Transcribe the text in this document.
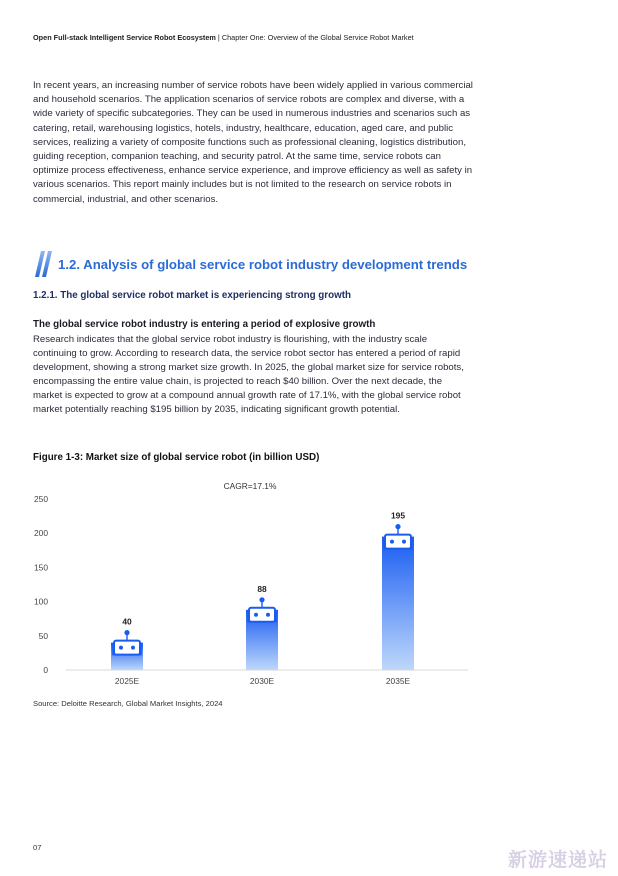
Open Full-stack Intelligent Service Robot Ecosystem | Chapter One: Overview of the Global Service Robot Market

In recent years, an increasing number of service robots have been widely applied in various commercial and household scenarios. The application scenarios of service robots are complex and diverse, with a wide variety of specific subcategories. They can be used in numerous industries and scenarios such as catering, retail, warehousing logistics, hotels, industry, healthcare, education, aged care, and public services, realizing a variety of composite functions such as professional cleaning, logistics distribution, guiding reception, companion teaching, and security patrol. At the same time, service robots can optimize process effectiveness, enhance service experience, and improve efficiency as well as safety in various scenarios. This report mainly includes but is not limited to the research on service robots in commercial, industrial, and other scenarios.

1.2. Analysis of global service robot industry development trends
1.2.1. The global service robot market is experiencing strong growth
The global service robot industry is entering a period of explosive growth

Research indicates that the global service robot industry is flourishing, with the industry scale continuing to grow. According to research data, the service robot sector has entered a period of rapid development, showing a strong market size growth. In 2025, the global market size for service robots, encompassing the entire value chain, is projected to reach $40 billion. Over the next decade, the market is expected to grow at a compound annual growth rate of 17.1%, with the global service robot market potentially reaching $195 billion by 2035, indicating significant growth potential.

Figure 1-3: Market size of global service robot (in billion USD)
CAGR=17.1%
0
50
100
150
200
250
40
2025E
88
2030E
195
2035E
Source: Deloitte Research, Global Market Insights, 2024
07
新游速递站
